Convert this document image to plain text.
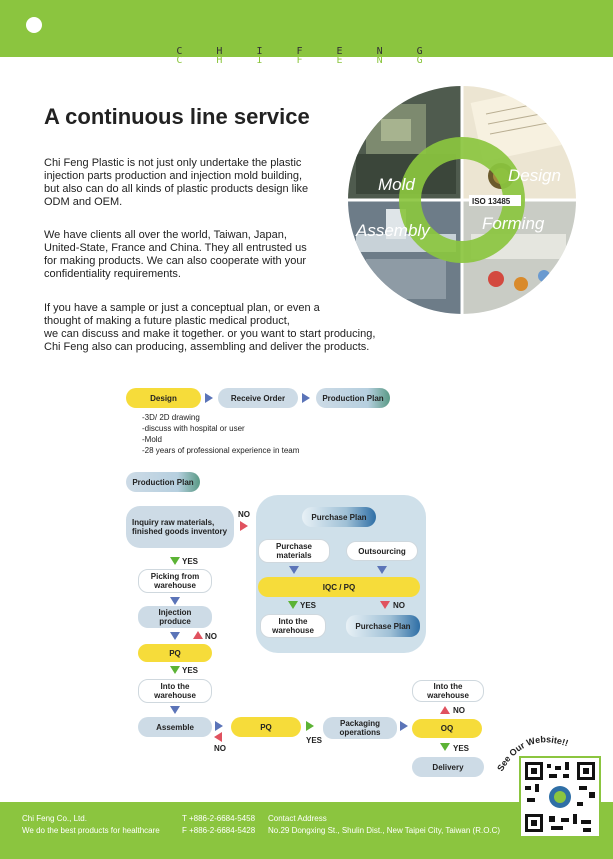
C H I F E N G
C H I F E N G
A continuous line service
Chi Feng Plastic is not just only undertake the plastic
injection parts production and injection mold building,
but also can do all kinds of plastic products design like
ODM and OEM.
We have clients all over the world, Taiwan, Japan,
United-State, France and China. They all entrusted us
for making products. We can also cooperate with your
confidentiality requirements.
If you have a sample or just a conceptual plan, or even a
thought of making a future plastic medical product,
we can discuss and make it together. or you want to start producing,
Chi Feng also can producing, assembling and deliver the products.
Mold	Design
Assembly	Forming
ISO 13485
Design	Receive Order	Production Plan
-3D/ 2D drawing
-discuss with hospital or user
-Mold
-28 years of professional experience in team
Production Plan
Inquiry raw materials,
finished goods inventory
NO
YES
Picking from
warehouse
Injection
produce
NO
PQ
YES
Into the
warehouse
Assemble
NO
PQ
YES
Packaging
operations	OQ
Into the
warehouse
NO
YES
Delivery
Purchase Plan
Purchase
materials	Outsourcing
IQC / PQ
YES	NO
Into the
warehouse	Purchase Plan
Chi Feng Co., Ltd.
We do the best products for healthcare
T +886-2-6684-5458
F +886-2-6684-5428
Contact Address
No.29 Dongxing St., Shulin Dist., New Taipei City, Taiwan (R.O.C)
See Our Website!!
